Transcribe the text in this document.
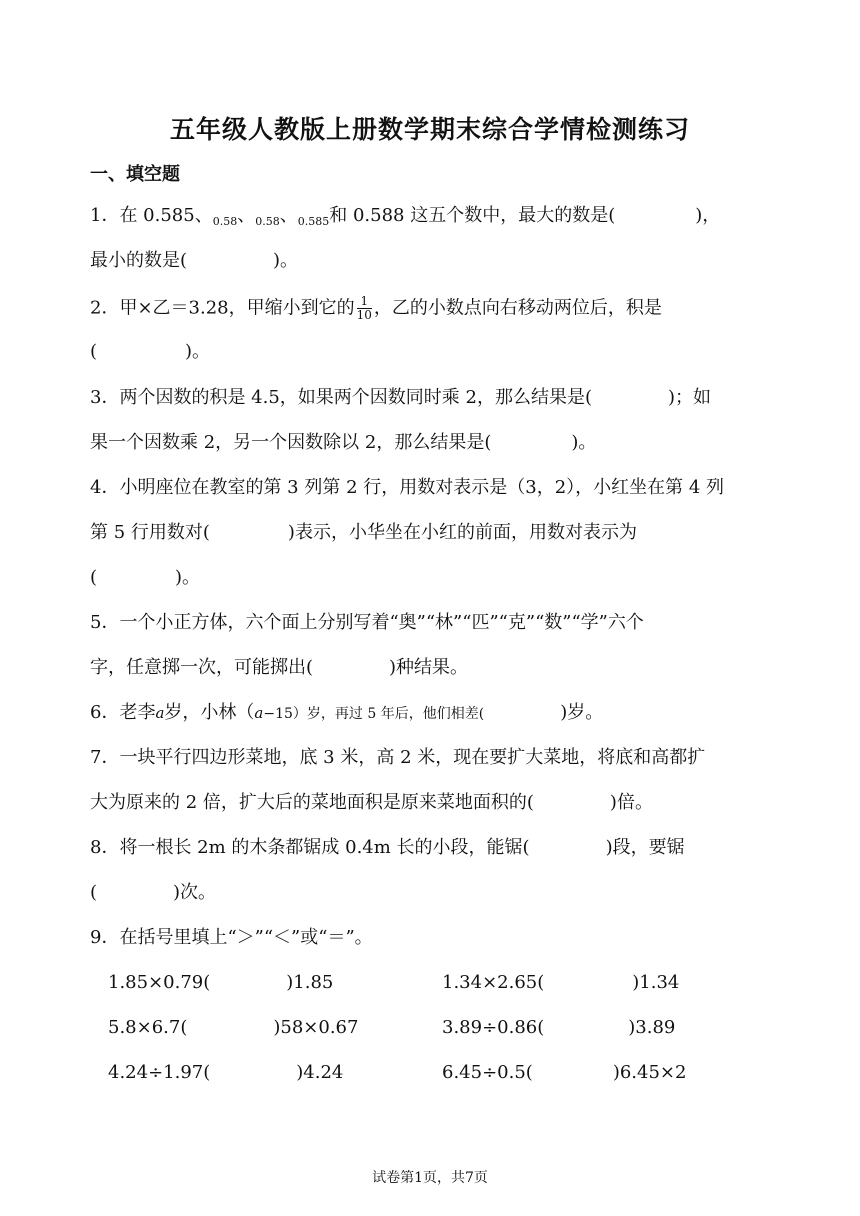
五年级人教版上册数学期末综合学情检测练习
一、填空题
1．在 0.585、$_{0.58}$、$_{0.58}$、$_{0.585}$和 0.588 这五个数中，最大的数是(	)，
最小的数是(	)。
2．甲×乙＝3.28，甲缩小到它的 $\frac{1}{10}$ ，乙的小数点向右移动两位后，积是
(	)。
3．两个因数的积是 4.5，如果两个因数同时乘 2，那么结果是(	)；如
果一个因数乘 2，另一个因数除以 2，那么结果是(	)。
4．小明座位在教室的第 3 列第 2 行，用数对表示是（3，2），小红坐在第 4 列
第 5 行用数对(	)表示，小华坐在小红的前面，用数对表示为
(	)。
5．一个小正方体，六个面上分别写着“奥”“林”“匹”“克”“数”“学”六个
字，任意掷一次，可能掷出(	)种结果。
6．老李a岁，小林（a−15）岁，再过 5 年后，他们相差(	)岁。
7．一块平行四边形菜地，底 3 米，高 2 米，现在要扩大菜地，将底和高都扩
大为原来的 2 倍，扩大后的菜地面积是原来菜地面积的(	)倍。
8．将一根长 2m 的木条都锯成 0.4m 长的小段，能锯(	)段，要锯
(	)次。
9．在括号里填上“＞”“＜”或“＝”。
1.85×0.79(	)1.85	1.34×2.65(	)1.34
5.8×6.7(	)58×0.67	3.89÷0.86(	)3.89
4.24÷1.97(	)4.24	6.45÷0.5(	)6.45×2
试卷第1页，共7页
